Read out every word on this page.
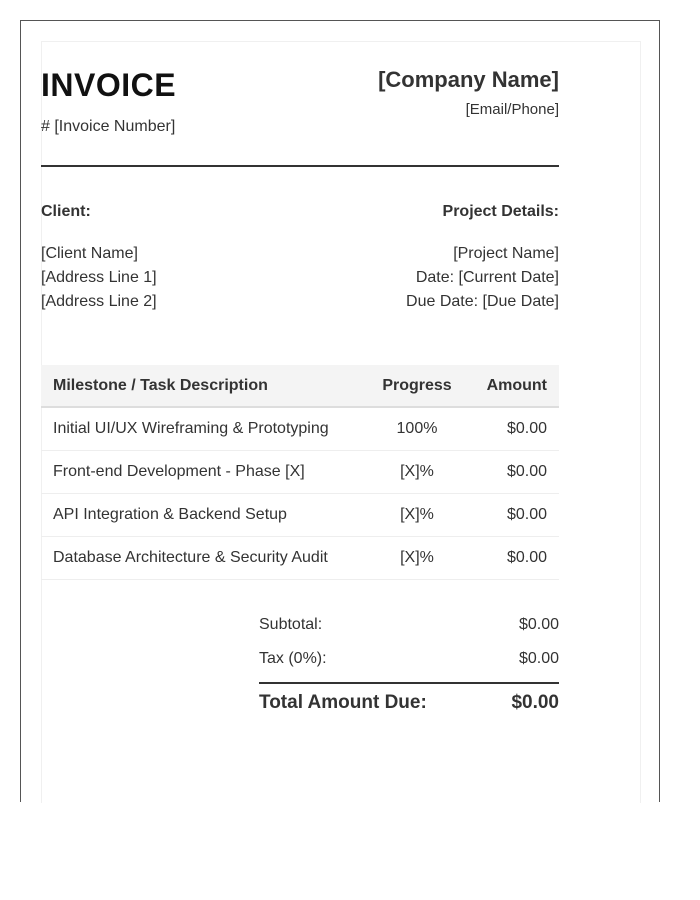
INVOICE
# [Invoice Number]
[Company Name]
[Email/Phone]
Client:
[Client Name]
[Address Line 1]
[Address Line 2]
Project Details:
[Project Name]
Date: [Current Date]
Due Date: [Due Date]
Milestone / Task Description	Progress	Amount
Initial UI/UX Wireframing & Prototyping	100%	$0.00
Front-end Development - Phase [X]	[X]%	$0.00
API Integration & Backend Setup	[X]%	$0.00
Database Architecture & Security Audit	[X]%	$0.00
Subtotal:	$0.00
Tax (0%):	$0.00
Total Amount Due:	$0.00
